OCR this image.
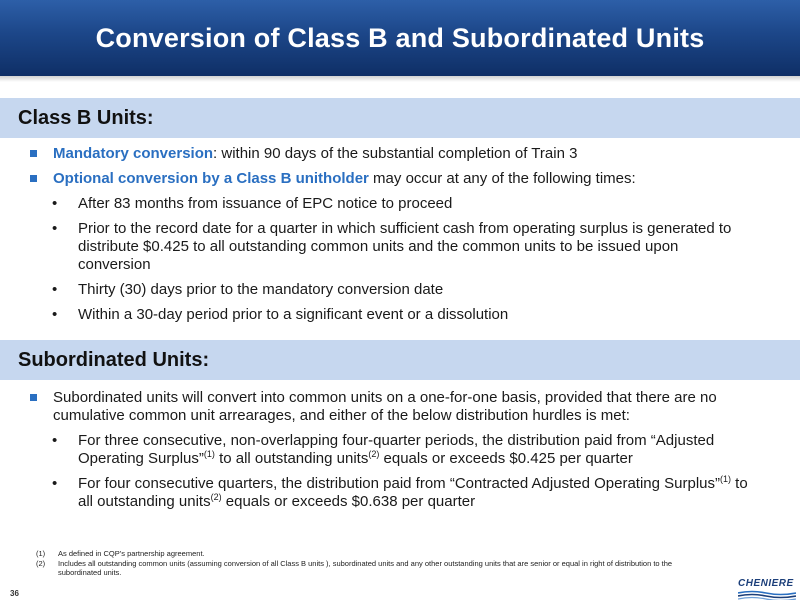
Conversion of Class B and Subordinated Units
Class B Units:
Mandatory conversion: within 90 days of the substantial completion of Train 3
Optional conversion by a Class B unitholder may occur at any of the following times:
• After 83 months from issuance of EPC notice to proceed
• Prior to the record date for a quarter in which sufficient cash from operating surplus is generated to distribute $0.425 to all outstanding common units and the common units to be issued upon conversion
• Thirty (30) days prior to the mandatory conversion date
• Within a 30-day period prior to a significant event or a dissolution
Subordinated Units:
Subordinated units will convert into common units on a one-for-one basis, provided that there are no cumulative common unit arrearages, and either of the below distribution hurdles is met:
• For three consecutive, non-overlapping four-quarter periods, the distribution paid from “Adjusted Operating Surplus”$^{(1)}$ to all outstanding units$^{(2)}$ equals or exceeds $0.425 per quarter
• For four consecutive quarters, the distribution paid from “Contracted Adjusted Operating Surplus”$^{(1)}$ to all outstanding units$^{(2)}$ equals or exceeds $0.638 per quarter
(1) As defined in CQP’s partnership agreement.
(2) Includes all outstanding common units (assuming conversion of all Class B units ), subordinated units and any other outstanding units that are senior or equal in right of distribution to the subordinated units.
36
CHENIERE
